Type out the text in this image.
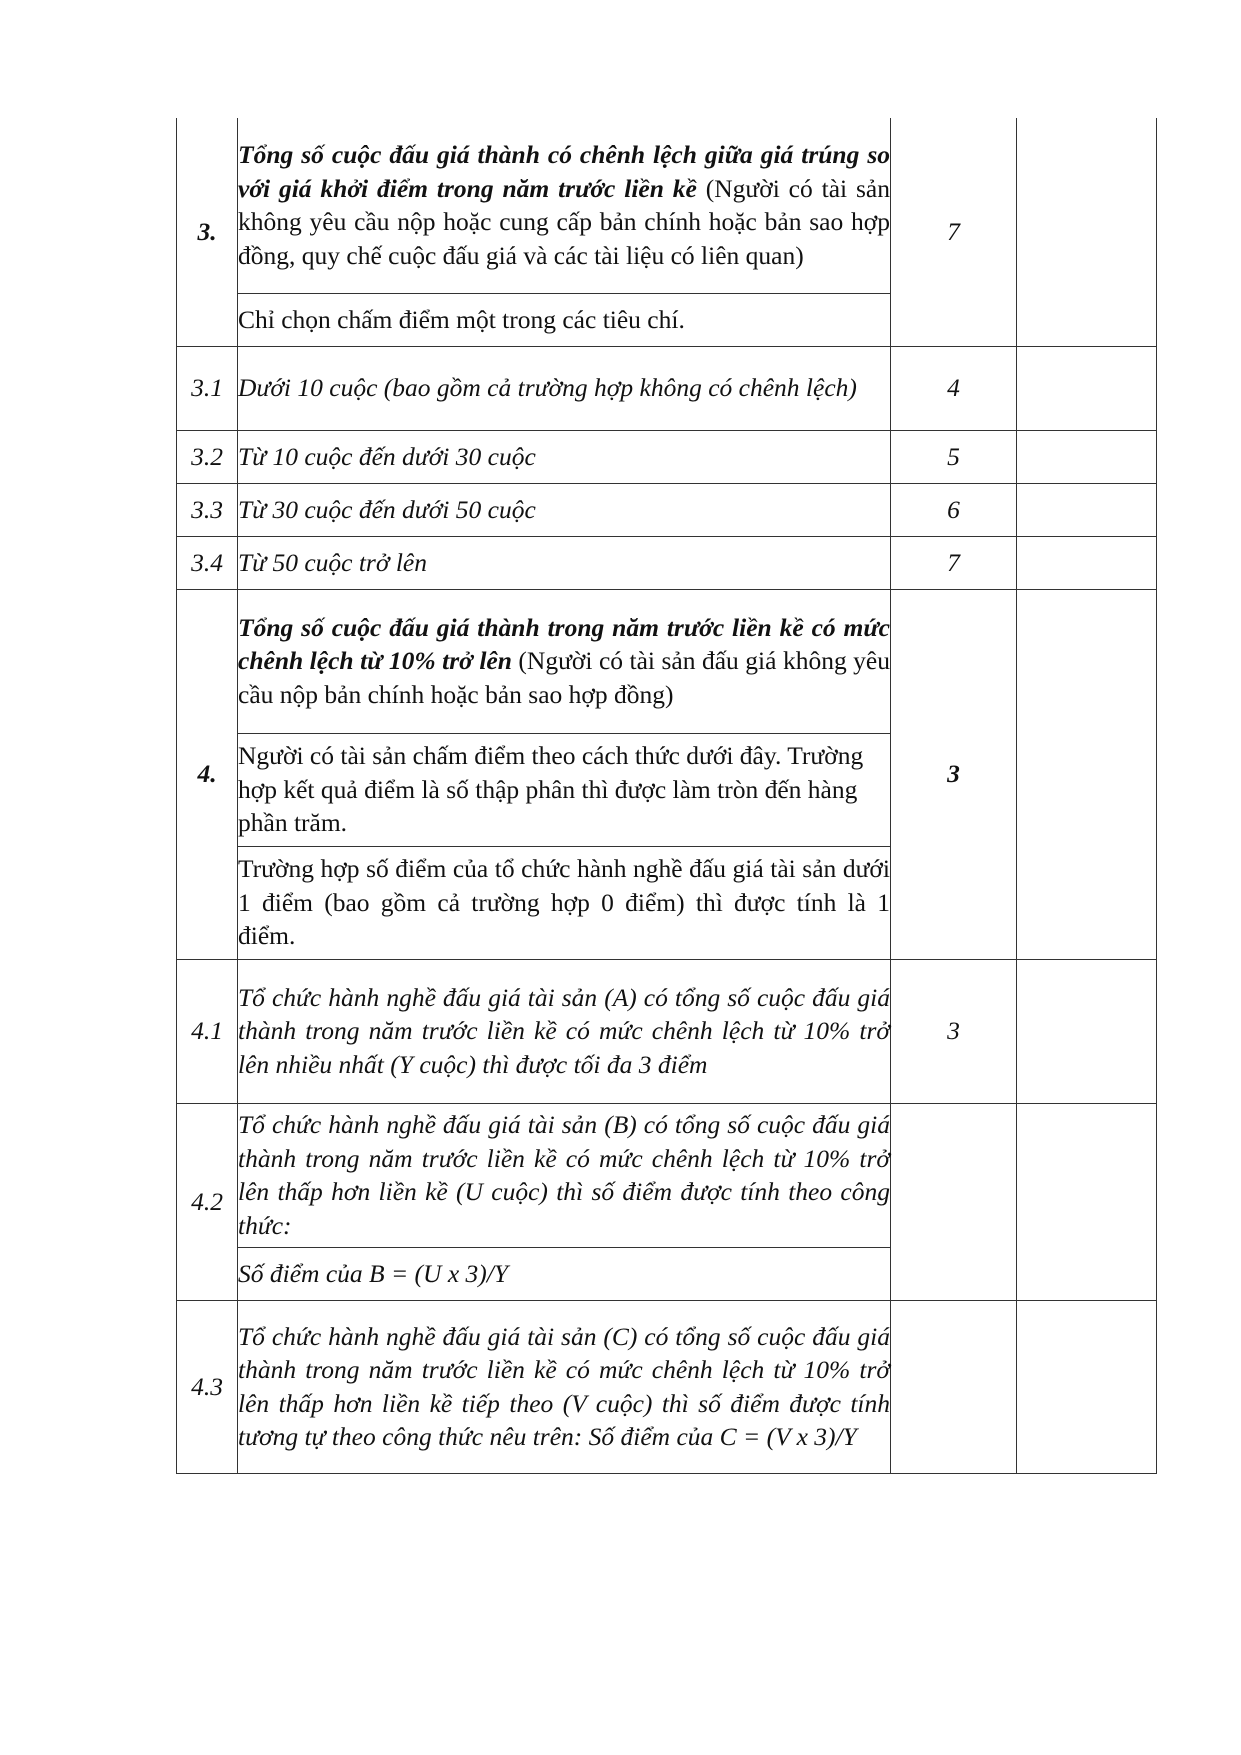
3.	Tổng số cuộc đấu giá thành có chênh lệch giữa giá trúng so với giá khởi điểm trong năm trước liền kề (Người có tài sản không yêu cầu nộp hoặc cung cấp bản chính hoặc bản sao hợp đồng, quy chế cuộc đấu giá và các tài liệu có liên quan)	7	
	Chỉ chọn chấm điểm một trong các tiêu chí.		
3.1	Dưới 10 cuộc (bao gồm cả trường hợp không có chênh lệch)	4	
3.2	Từ 10 cuộc đến dưới 30 cuộc	5	
3.3	Từ 30 cuộc đến dưới 50 cuộc	6	
3.4	Từ 50 cuộc trở lên	7	
4.	Tổng số cuộc đấu giá thành trong năm trước liền kề có mức chênh lệch từ 10% trở lên (Người có tài sản đấu giá không yêu cầu nộp bản chính hoặc bản sao hợp đồng)	3	
	Người có tài sản chấm điểm theo cách thức dưới đây. Trường hợp kết quả điểm là số thập phân thì được làm tròn đến hàng phần trăm.		
	Trường hợp số điểm của tổ chức hành nghề đấu giá tài sản dưới 1 điểm (bao gồm cả trường hợp 0 điểm) thì được tính là 1 điểm.		
4.1	Tổ chức hành nghề đấu giá tài sản (A) có tổng số cuộc đấu giá thành trong năm trước liền kề có mức chênh lệch từ 10% trở lên nhiều nhất (Y cuộc) thì được tối đa 3 điểm	3	
4.2	Tổ chức hành nghề đấu giá tài sản (B) có tổng số cuộc đấu giá thành trong năm trước liền kề có mức chênh lệch từ 10% trở lên thấp hơn liền kề (U cuộc) thì số điểm được tính theo công thức:		
	Số điểm của B = (U x 3)/Y		
4.3	Tổ chức hành nghề đấu giá tài sản (C) có tổng số cuộc đấu giá thành trong năm trước liền kề có mức chênh lệch từ 10% trở lên thấp hơn liền kề tiếp theo (V cuộc) thì số điểm được tính tương tự theo công thức nêu trên: Số điểm của C = (V x 3)/Y		
